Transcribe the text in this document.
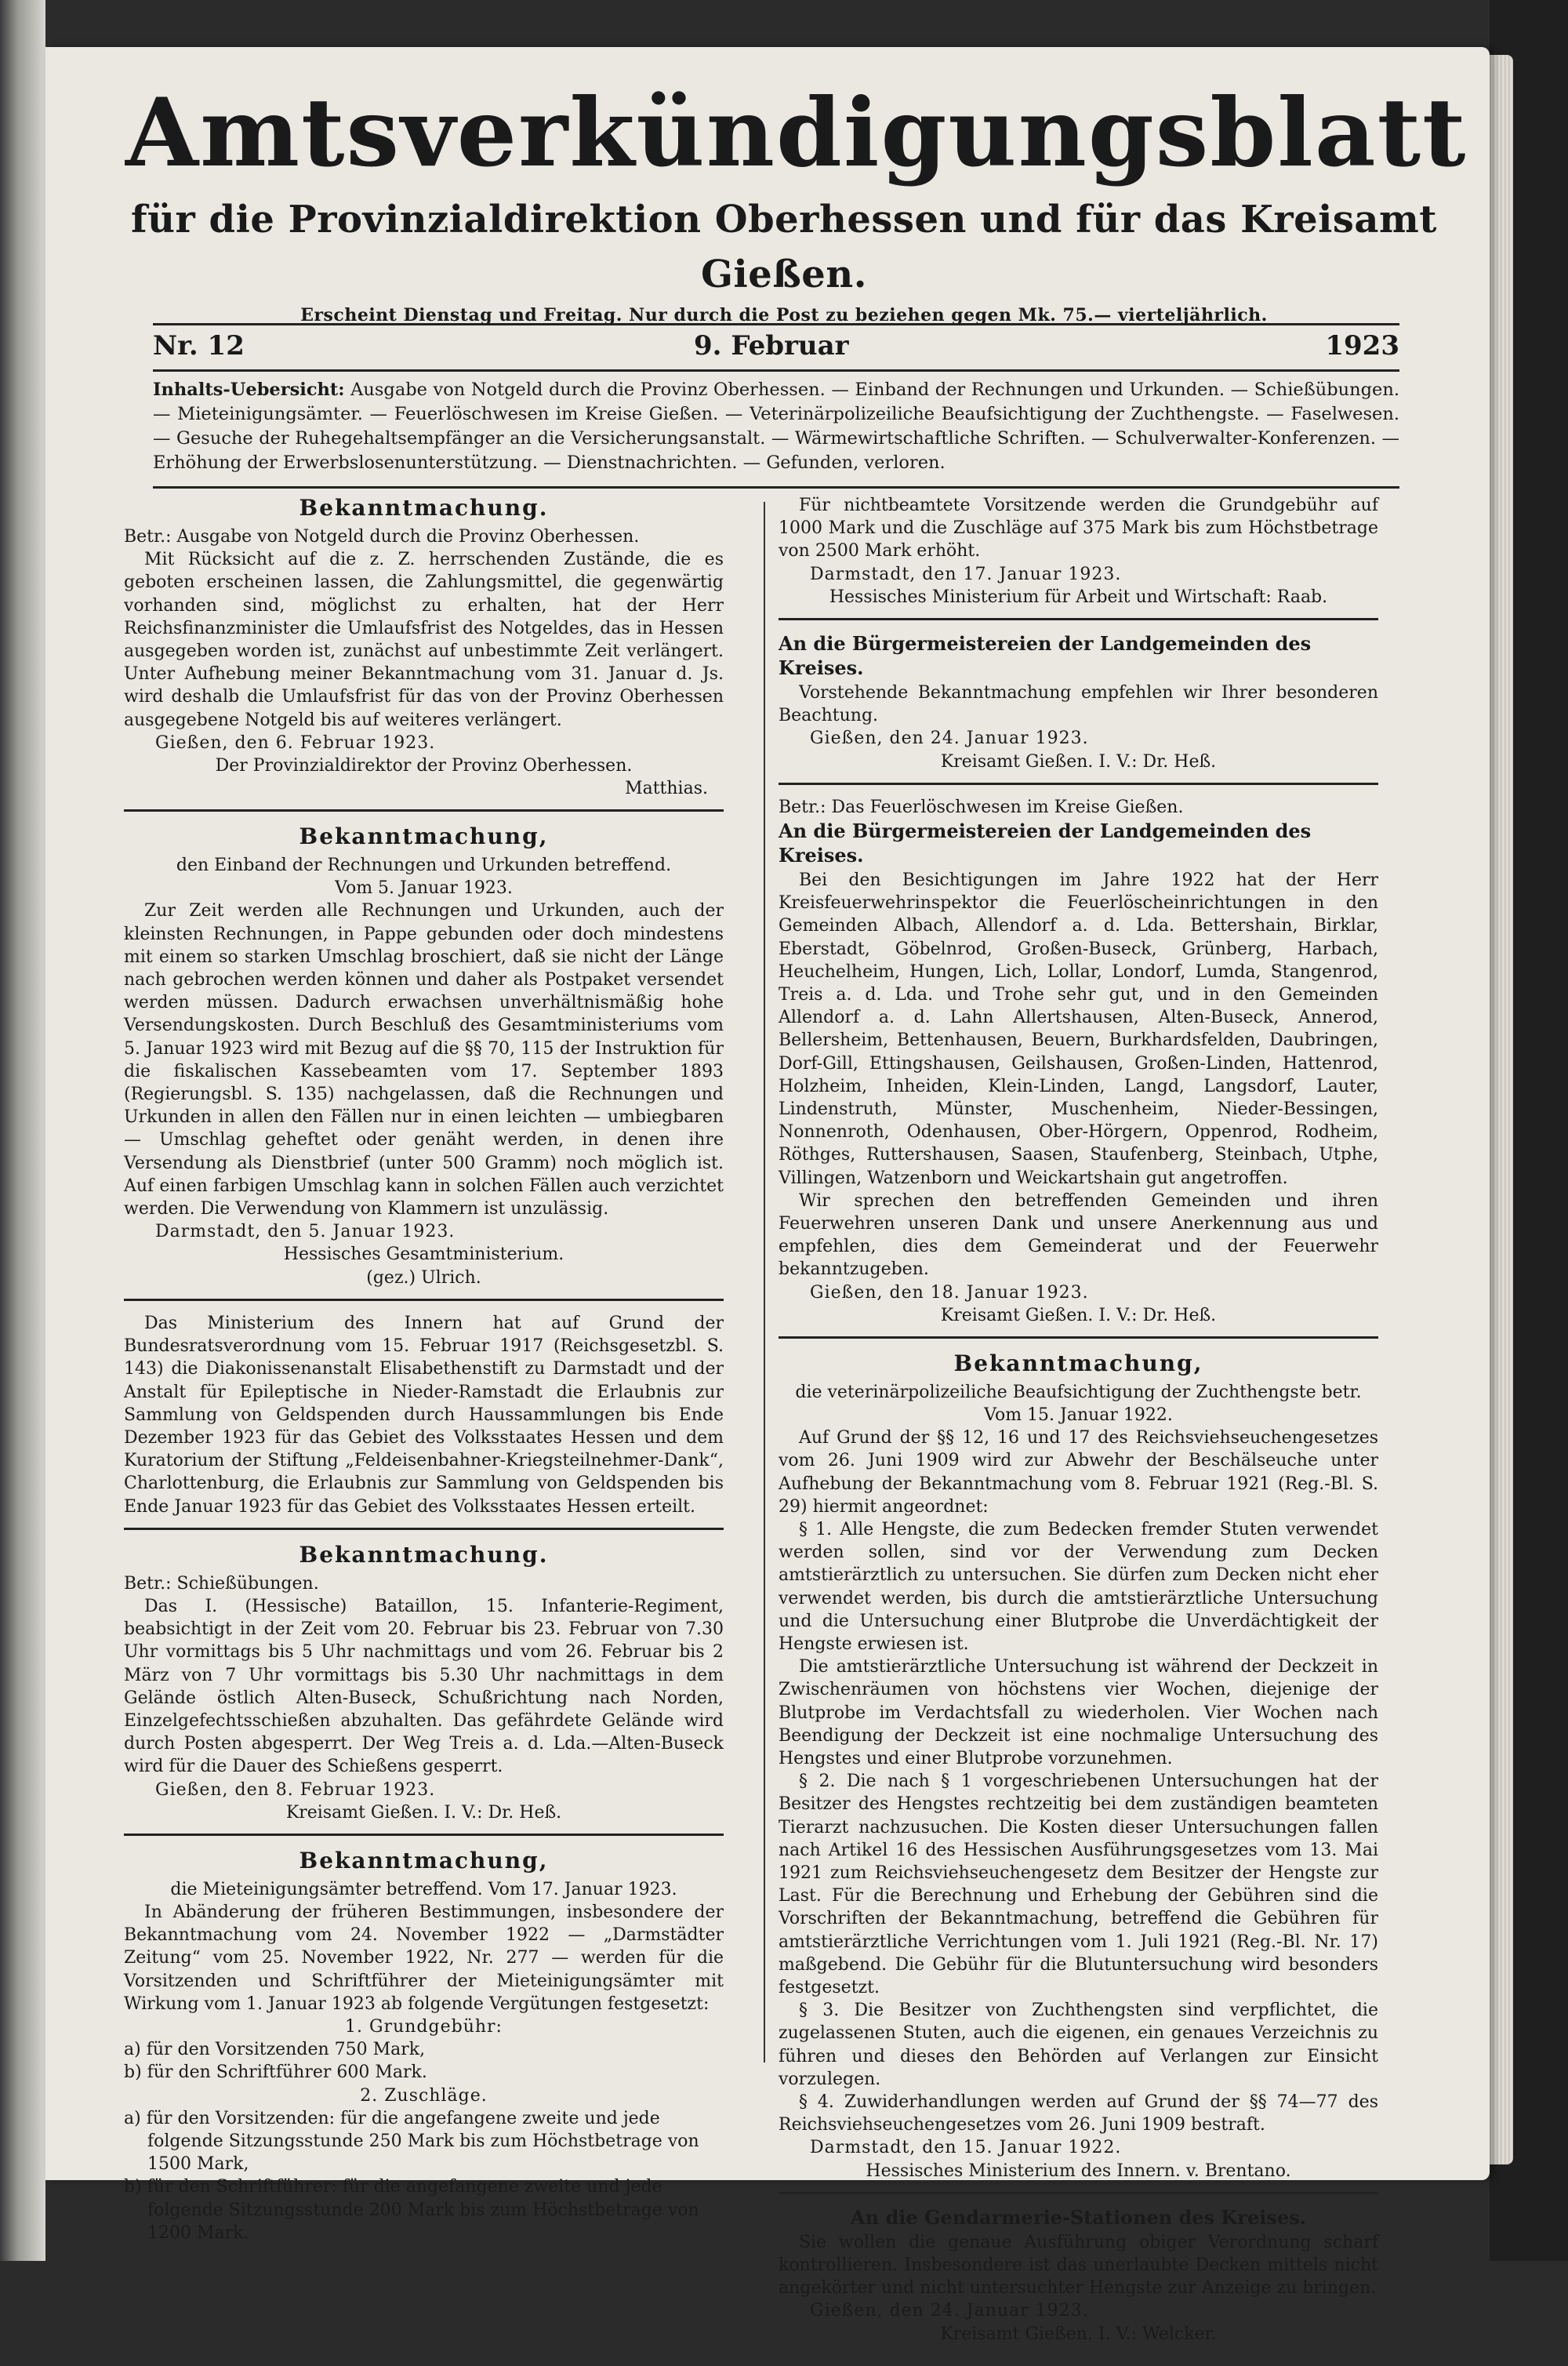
Amtsverkündigungsblatt
für die Provinzialdirektion Oberhessen und für das Kreisamt Gießen.
Erscheint Dienstag und Freitag. Nur durch die Post zu beziehen gegen Mk. 75.— vierteljährlich.
Nr. 12	9. Februar	1923
Inhalts-Uebersicht: Ausgabe von Notgeld durch die Provinz Oberhessen. — Einband der Rechnungen und Urkunden. — Schießübungen. — Mieteinigungsämter. — Feuerlöschwesen im Kreise Gießen. — Veterinärpolizeiliche Beaufsichtigung der Zuchthengste. — Faselwesen. — Gesuche der Ruhegehaltsempfänger an die Versicherungsanstalt. — Wärmewirtschaftliche Schriften. — Schulverwalter-Konferenzen. — Erhöhung der Erwerbslosenunterstützung. — Dienstnachrichten. — Gefunden, verloren.
Bekanntmachung.

Betr.: Ausgabe von Notgeld durch die Provinz Oberhessen.

Mit Rücksicht auf die z. Z. herrschenden Zustände, die es geboten erscheinen lassen, die Zahlungsmittel, die gegenwärtig vorhanden sind, möglichst zu erhalten, hat der Herr Reichsfinanzminister die Umlaufsfrist des Notgeldes, das in Hessen ausgegeben worden ist, zunächst auf unbestimmte Zeit verlängert. Unter Aufhebung meiner Bekanntmachung vom 31. Januar d. Js. wird deshalb die Umlaufsfrist für das von der Provinz Oberhessen ausgegebene Notgeld bis auf weiteres verlängert.

Gießen, den 6. Februar 1923.
Der Provinzialdirektor der Provinz Oberhessen.
Matthias.
Bekanntmachung,
den Einband der Rechnungen und Urkunden betreffend.
Vom 5. Januar 1923.

Zur Zeit werden alle Rechnungen und Urkunden, auch der kleinsten Rechnungen, in Pappe gebunden oder doch mindestens mit einem so starken Umschlag broschiert, daß sie nicht der Länge nach gebrochen werden können und daher als Postpaket versendet werden müssen. Dadurch erwachsen unverhältnismäßig hohe Versendungskosten. Durch Beschluß des Gesamtministeriums vom 5. Januar 1923 wird mit Bezug auf die §§ 70, 115 der Instruktion für die fiskalischen Kassebeamten vom 17. September 1893 (Regierungsbl. S. 135) nachgelassen, daß die Rechnungen und Urkunden in allen den Fällen nur in einen leichten — umbiegbaren — Umschlag geheftet oder genäht werden, in denen ihre Versendung als Dienstbrief (unter 500 Gramm) noch möglich ist. Auf einen farbigen Umschlag kann in solchen Fällen auch verzichtet werden. Die Verwendung von Klammern ist unzulässig.

Darmstadt, den 5. Januar 1923.
Hessisches Gesamtministerium.
(gez.) Ulrich.

Das Ministerium des Innern hat auf Grund der Bundesratsverordnung vom 15. Februar 1917 (Reichsgesetzbl. S. 143) die Diakonissenanstalt Elisabethenstift zu Darmstadt und der Anstalt für Epileptische in Nieder-Ramstadt die Erlaubnis zur Sammlung von Geldspenden durch Haussammlungen bis Ende Dezember 1923 für das Gebiet des Volksstaates Hessen und dem Kuratorium der Stiftung „Feldeisenbahner-Kriegsteilnehmer-Dank“, Charlottenburg, die Erlaubnis zur Sammlung von Geldspenden bis Ende Januar 1923 für das Gebiet des Volksstaates Hessen erteilt.

Bekanntmachung.

Betr.: Schießübungen.

Das I. (Hessische) Bataillon, 15. Infanterie-Regiment, beabsichtigt in der Zeit vom 20. Februar bis 23. Februar von 7.30 Uhr vormittags bis 5 Uhr nachmittags und vom 26. Februar bis 2 März von 7 Uhr vormittags bis 5.30 Uhr nachmittags in dem Gelände östlich Alten-Buseck, Schußrichtung nach Norden, Einzelgefechtsschießen abzuhalten. Das gefährdete Gelände wird durch Posten abgesperrt. Der Weg Treis a. d. Lda.—Alten-Buseck wird für die Dauer des Schießens gesperrt.

Gießen, den 8. Februar 1923.
Kreisamt Gießen. I. V.: Dr. Heß.
Bekanntmachung,
die Mieteinigungsämter betreffend. Vom 17. Januar 1923.

In Abänderung der früheren Bestimmungen, insbesondere der Bekanntmachung vom 24. November 1922 — „Darmstädter Zeitung“ vom 25. November 1922, Nr. 277 — werden für die Vorsitzenden und Schriftführer der Mieteinigungsämter mit Wirkung vom 1. Januar 1923 ab folgende Vergütungen festgesetzt:

1. Grundgebühr:
a) für den Vorsitzenden 750 Mark,
b) für den Schriftführer 600 Mark.
2. Zuschläge.
a) für den Vorsitzenden: für die angefangene zweite und jede folgende Sitzungsstunde 250 Mark bis zum Höchstbetrage von 1500 Mark,
b) für den Schriftführer: für die angefangene zweite und jede folgende Sitzungsstunde 200 Mark bis zum Höchstbetrage von 1200 Mark.

Für nichtbeamtete Vorsitzende werden die Grundgebühr auf 1000 Mark und die Zuschläge auf 375 Mark bis zum Höchstbetrage von 2500 Mark erhöht.

Darmstadt, den 17. Januar 1923.
Hessisches Ministerium für Arbeit und Wirtschaft: Raab.
An die Bürgermeistereien der Landgemeinden des Kreises.

Vorstehende Bekanntmachung empfehlen wir Ihrer besonderen Beachtung.

Gießen, den 24. Januar 1923.
Kreisamt Gießen. I. V.: Dr. Heß.

Betr.: Das Feuerlöschwesen im Kreise Gießen.

An die Bürgermeistereien der Landgemeinden des Kreises.

Bei den Besichtigungen im Jahre 1922 hat der Herr Kreisfeuerwehrinspektor die Feuerlöscheinrichtungen in den Gemeinden Albach, Allendorf a. d. Lda. Bettershain, Birklar, Eberstadt, Göbelnrod, Großen-Buseck, Grünberg, Harbach, Heuchelheim, Hungen, Lich, Lollar, Londorf, Lumda, Stangenrod, Treis a. d. Lda. und Trohe sehr gut, und in den Gemeinden Allendorf a. d. Lahn Allertshausen, Alten-Buseck, Annerod, Bellersheim, Bettenhausen, Beuern, Burkhardsfelden, Daubringen, Dorf-Gill, Ettingshausen, Geilshausen, Großen-Linden, Hattenrod, Holzheim, Inheiden, Klein-Linden, Langd, Langsdorf, Lauter, Lindenstruth, Münster, Muschenheim, Nieder-Bessingen, Nonnenroth, Odenhausen, Ober-Hörgern, Oppenrod, Rodheim, Röthges, Ruttershausen, Saasen, Staufenberg, Steinbach, Utphe, Villingen, Watzenborn und Weickartshain gut angetroffen.

Wir sprechen den betreffenden Gemeinden und ihren Feuerwehren unseren Dank und unsere Anerkennung aus und empfehlen, dies dem Gemeinderat und der Feuerwehr bekanntzugeben.

Gießen, den 18. Januar 1923.
Kreisamt Gießen. I. V.: Dr. Heß.
Bekanntmachung,
die veterinärpolizeiliche Beaufsichtigung der Zuchthengste betr.
Vom 15. Januar 1922.

Auf Grund der §§ 12, 16 und 17 des Reichsviehseuchengesetzes vom 26. Juni 1909 wird zur Abwehr der Beschälseuche unter Aufhebung der Bekanntmachung vom 8. Februar 1921 (Reg.-Bl. S. 29) hiermit angeordnet:

§ 1. Alle Hengste, die zum Bedecken fremder Stuten verwendet werden sollen, sind vor der Verwendung zum Decken amtstierärztlich zu untersuchen. Sie dürfen zum Decken nicht eher verwendet werden, bis durch die amtstierärztliche Untersuchung und die Untersuchung einer Blutprobe die Unverdächtigkeit der Hengste erwiesen ist.

Die amtstierärztliche Untersuchung ist während der Deckzeit in Zwischenräumen von höchstens vier Wochen, diejenige der Blutprobe im Verdachtsfall zu wiederholen. Vier Wochen nach Beendigung der Deckzeit ist eine nochmalige Untersuchung des Hengstes und einer Blutprobe vorzunehmen.

§ 2. Die nach § 1 vorgeschriebenen Untersuchungen hat der Besitzer des Hengstes rechtzeitig bei dem zuständigen beamteten Tierarzt nachzusuchen. Die Kosten dieser Untersuchungen fallen nach Artikel 16 des Hessischen Ausführungsgesetzes vom 13. Mai 1921 zum Reichsviehseuchengesetz dem Besitzer der Hengste zur Last. Für die Berechnung und Erhebung der Gebühren sind die Vorschriften der Bekanntmachung, betreffend die Gebühren für amtstierärztliche Verrichtungen vom 1. Juli 1921 (Reg.-Bl. Nr. 17) maßgebend. Die Gebühr für die Blutuntersuchung wird besonders festgesetzt.

§ 3. Die Besitzer von Zuchthengsten sind verpflichtet, die zugelassenen Stuten, auch die eigenen, ein genaues Verzeichnis zu führen und dieses den Behörden auf Verlangen zur Einsicht vorzulegen.

§ 4. Zuwiderhandlungen werden auf Grund der §§ 74—77 des Reichsviehseuchengesetzes vom 26. Juni 1909 bestraft.

Darmstadt, den 15. Januar 1922.
Hessisches Ministerium des Innern. v. Brentano.
An die Gendarmerie-Stationen des Kreises.

Sie wollen die genaue Ausführung obiger Verordnung scharf kontrollieren. Insbesondere ist das unerlaubte Decken mittels nicht angekörter und nicht untersuchter Hengste zur Anzeige zu bringen.

Gießen, den 24. Januar 1923.
Kreisamt Gießen. I. V.: Welcker.
